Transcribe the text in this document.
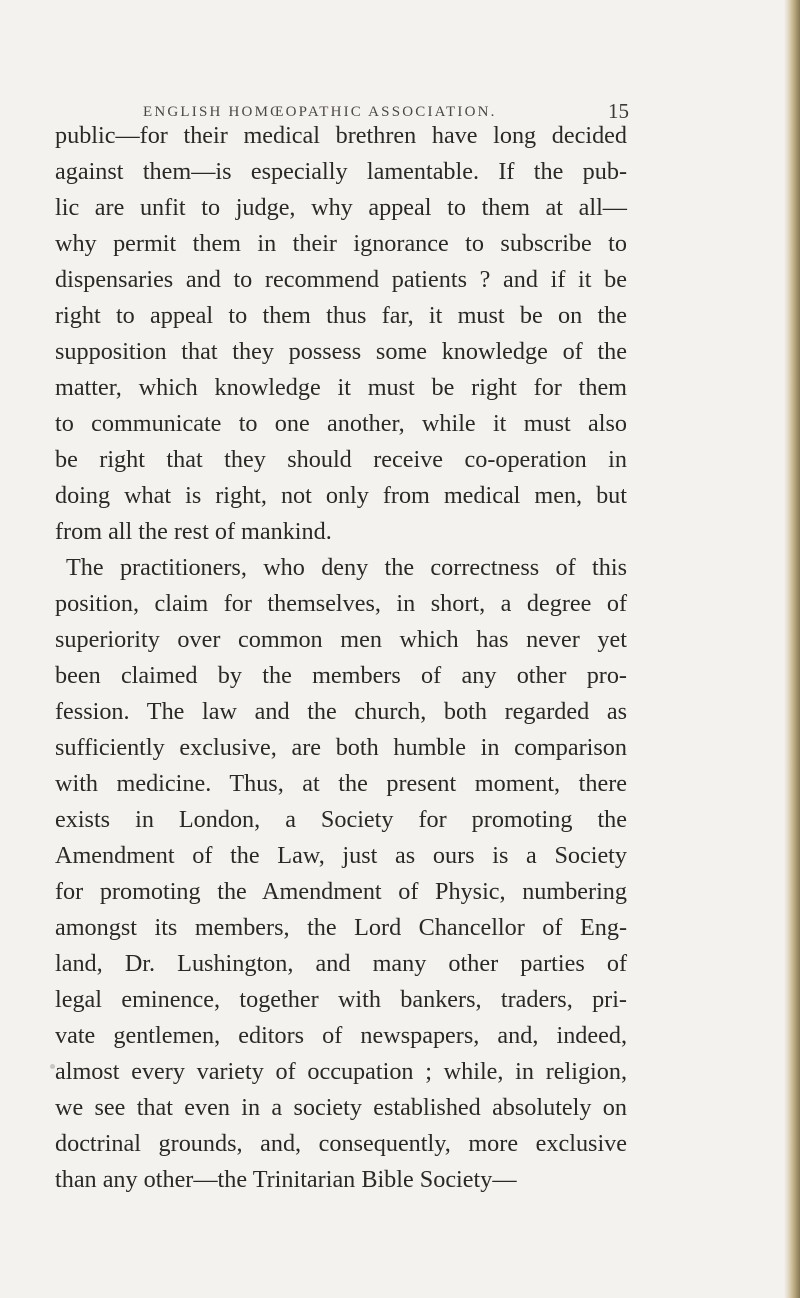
ENGLISH HOMŒOPATHIC ASSOCIATION.	15
public—for their medical brethren have long decided
against them—is especially lamentable. If the pub-
lic are unfit to judge, why appeal to them at all—
why permit them in their ignorance to subscribe to
dispensaries and to recommend patients ? and if it be
right to appeal to them thus far, it must be on the
supposition that they possess some knowledge of the
matter, which knowledge it must be right for them
to communicate to one another, while it must also
be right that they should receive co-operation in
doing what is right, not only from medical men, but
from all the rest of mankind.
The practitioners, who deny the correctness of this
position, claim for themselves, in short, a degree of
superiority over common men which has never yet
been claimed by the members of any other pro-
fession. The law and the church, both regarded as
sufficiently exclusive, are both humble in comparison
with medicine. Thus, at the present moment, there
exists in London, a Society for promoting the
Amendment of the Law, just as ours is a Society
for promoting the Amendment of Physic, numbering
amongst its members, the Lord Chancellor of Eng-
land, Dr. Lushington, and many other parties of
legal eminence, together with bankers, traders, pri-
vate gentlemen, editors of newspapers, and, indeed,
almost every variety of occupation ; while, in religion,
we see that even in a society established absolutely on
doctrinal grounds, and, consequently, more exclusive
than any other—the Trinitarian Bible Society—
